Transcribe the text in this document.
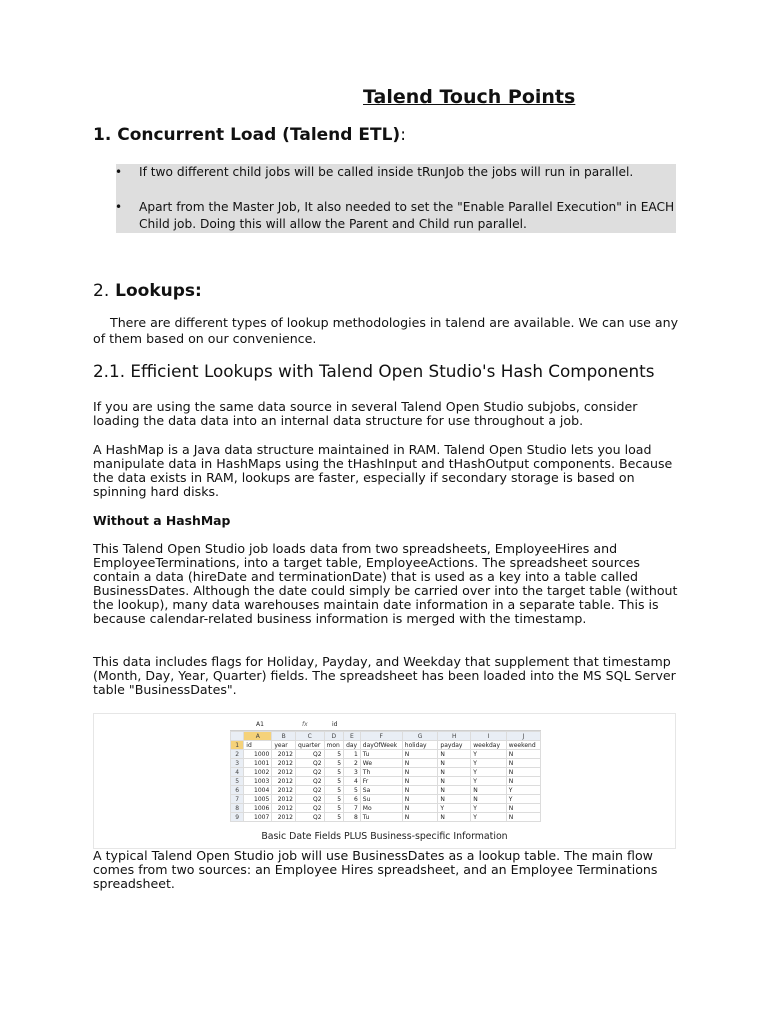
Talend Touch Points
1. Concurrent Load (Talend ETL):
• If two different child jobs will be called inside tRunJob the jobs will run in parallel.
• Apart from the Master Job, It also needed to set the "Enable Parallel Execution" in EACH Child job. Doing this will allow the Parent and Child run parallel.
2. Lookups:
There are different types of lookup methodologies in talend are available. We can use any of them based on our convenience.
2.1. Efficient Lookups with Talend Open Studio's Hash Components
If you are using the same data source in several Talend Open Studio subjobs, consider loading the data data into an internal data structure for use throughout a job.
A HashMap is a Java data structure maintained in RAM. Talend Open Studio lets you load manipulate data in HashMaps using the tHashInput and tHashOutput components. Because the data exists in RAM, lookups are faster, especially if secondary storage is based on spinning hard disks.
Without a HashMap
This Talend Open Studio job loads data from two spreadsheets, EmployeeHires and EmployeeTerminations, into a target table, EmployeeActions. The spreadsheet sources contain a data (hireDate and terminationDate) that is used as a key into a table called BusinessDates. Although the date could simply be carried over into the target table (without the lookup), many data warehouses maintain date information in a separate table. This is because calendar-related business information is merged with the timestamp.
This data includes flags for Holiday, Payday, and Weekday that supplement that timestamp (Month, Day, Year, Quarter) fields. The spreadsheet has been loaded into the MS SQL Server table "BusinessDates".
A1	fx	id
	A	B	C	D	E	F	G	H	I	J
1	id	year	quarter	mon	day	dayOfWeek	holiday	payday	weekday	weekend
2	1000	2012	Q2	5	1	Tu	N	N	Y	N
3	1001	2012	Q2	5	2	We	N	N	Y	N
4	1002	2012	Q2	5	3	Th	N	N	Y	N
5	1003	2012	Q2	5	4	Fr	N	N	Y	N
6	1004	2012	Q2	5	5	Sa	N	N	N	Y
7	1005	2012	Q2	5	6	Su	N	N	N	Y
8	1006	2012	Q2	5	7	Mo	N	Y	Y	N
9	1007	2012	Q2	5	8	Tu	N	N	Y	N
Basic Date Fields PLUS Business-specific Information
A typical Talend Open Studio job will use BusinessDates as a lookup table. The main flow comes from two sources: an Employee Hires spreadsheet, and an Employee Terminations spreadsheet.
